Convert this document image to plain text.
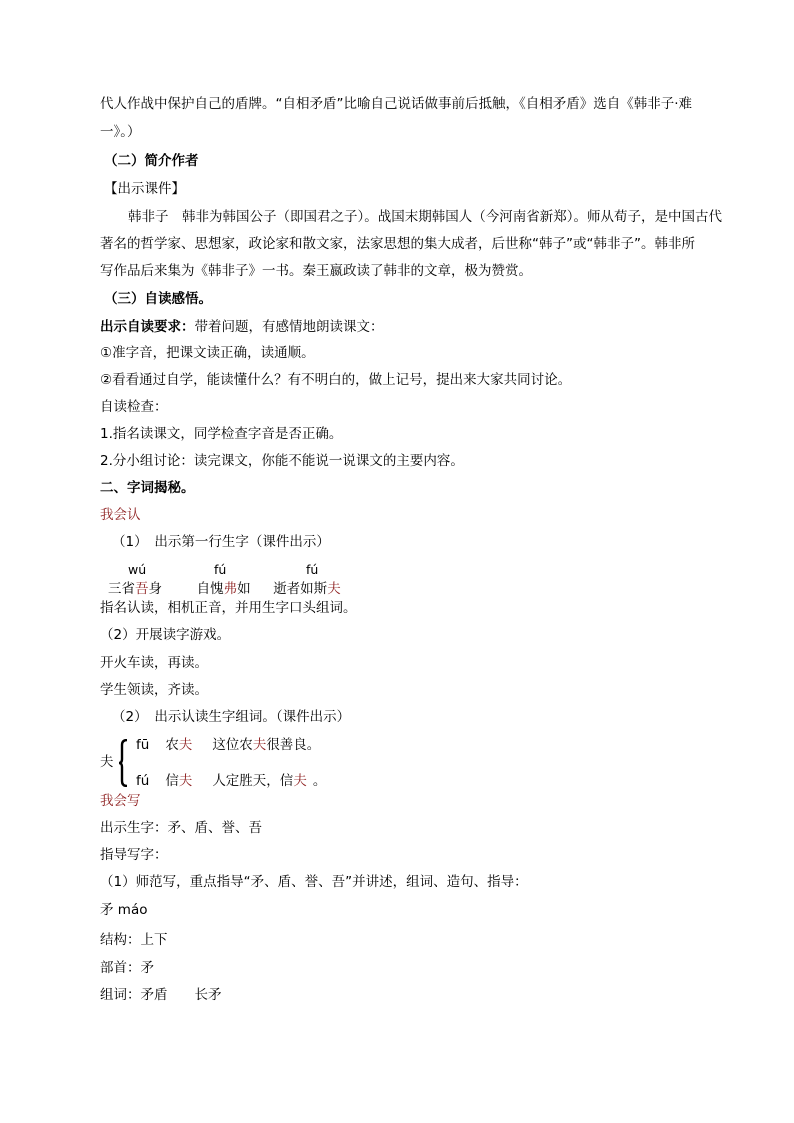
代人作战中保护自己的盾牌。“自相矛盾”比喻自己说话做事前后抵触，《自相矛盾》选自《韩非子·难
一》。）
（二）简介作者
【出示课件】
韩非子　韩非为韩国公子（即国君之子）。战国末期韩国人（今河南省新郑）。师从荀子，是中国古代
著名的哲学家、思想家，政论家和散文家，法家思想的集大成者，后世称“韩子”或“韩非子”。韩非所
写作品后来集为《韩非子》一书。秦王嬴政读了韩非的文章，极为赞赏。
（三）自读感悟。
出示自读要求：带着问题，有感情地朗读课文：
①准字音，把课文读正确，读通顺。
②看看通过自学，能读懂什么？有不明白的，做上记号，提出来大家共同讨论。
自读检查：
1.指名读课文，同学检查字音是否正确。
2.分小组讨论：读完课文，你能不能说一说课文的主要内容。
二、字词揭秘。
我会认
（1）　出示第一行生字（课件出示）
wú	fú	fú
三省吾身	自愧弗如 逝者如斯夫
指名认读，相机正音，并用生字口头组词。
（2）开展读字游戏。
开火车读，再读。
学生领读，齐读。
（2）　出示认读生字组词。（课件出示）
夫
fū 农夫 这位农夫很善良。
fú 信夫 人定胜天，信夫 。
我会写
出示生字：矛、盾、誉、吾
指导写字：
（1）师范写，重点指导“矛、盾、誉、吾”并讲述，组词、造句、指导：
矛 máo
结构：上下
部首：矛
组词：矛盾　　长矛
